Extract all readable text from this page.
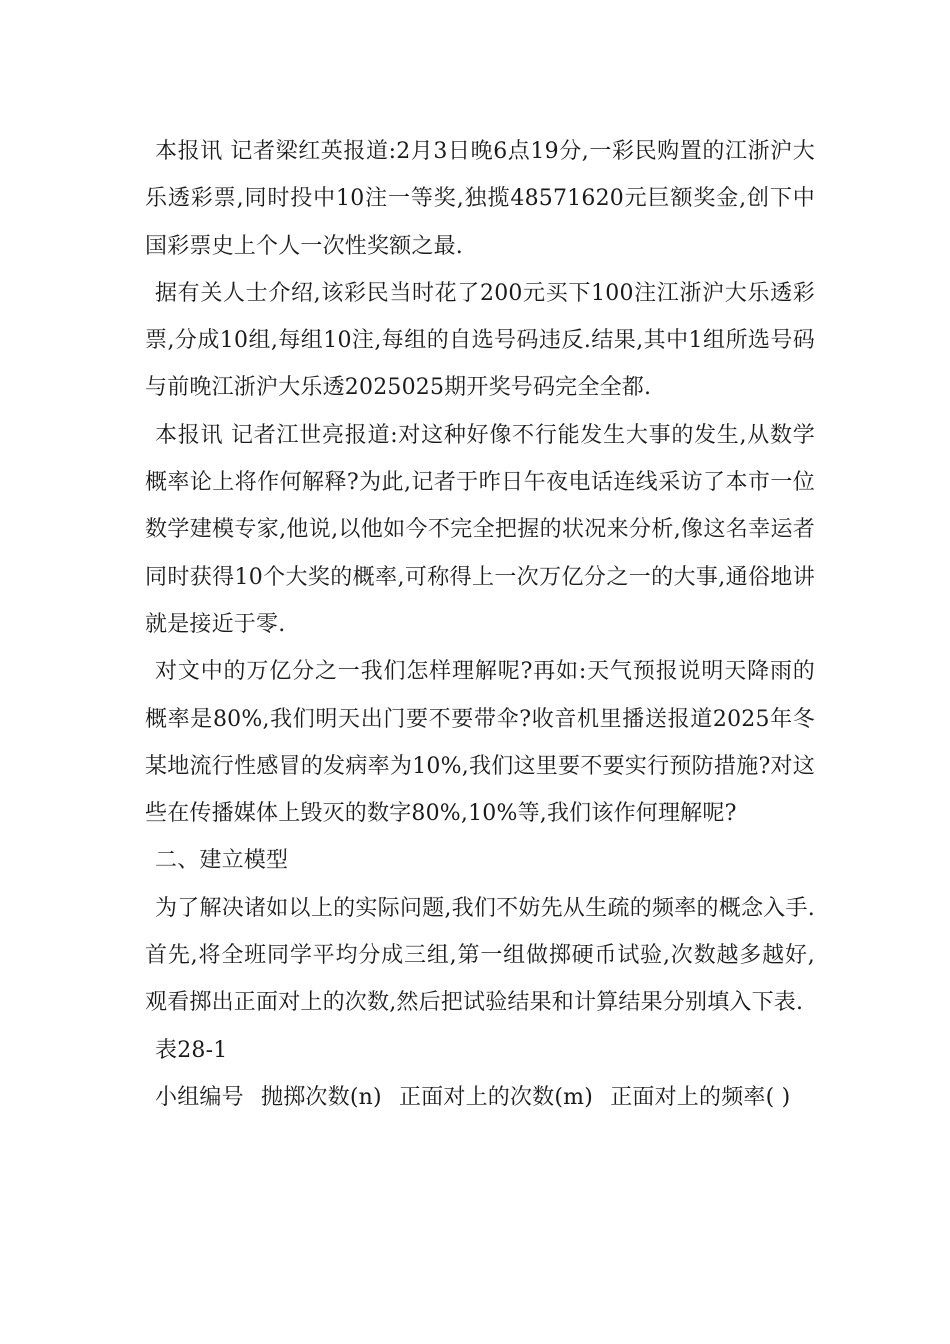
本报讯 记者梁红英报道:2月3日晚6点19分,一彩民购置的江浙沪大乐透彩票,同时投中10注一等奖,独揽48571620元巨额奖金,创下中国彩票史上个人一次性奖额之最.

据有关人士介绍,该彩民当时花了200元买下100注江浙沪大乐透彩票,分成10组,每组10注,每组的自选号码违反.结果,其中1组所选号码与前晚江浙沪大乐透2025025期开奖号码完全全都.

本报讯 记者江世亮报道:对这种好像不行能发生大事的发生,从数学概率论上将作何解释?为此,记者于昨日午夜电话连线采访了本市一位数学建模专家,他说,以他如今不完全把握的状况来分析,像这名幸运者同时获得10个大奖的概率,可称得上一次万亿分之一的大事,通俗地讲就是接近于零.

对文中的万亿分之一我们怎样理解呢?再如:天气预报说明天降雨的概率是80%,我们明天出门要不要带伞?收音机里播送报道2025年冬某地流行性感冒的发病率为10%,我们这里要不要实行预防措施?对这些在传播媒体上毁灭的数字80%,10%等,我们该作何理解呢?

二、建立模型

为了解决诸如以上的实际问题,我们不妨先从生疏的频率的概念入手.首先,将全班同学平均分成三组,第一组做掷硬币试验,次数越多越好,观看掷出正面对上的次数,然后把试验结果和计算结果分别填入下表.

表28-1

小组编号 抛掷次数(n) 正面对上的次数(m) 正面对上的频率( )
